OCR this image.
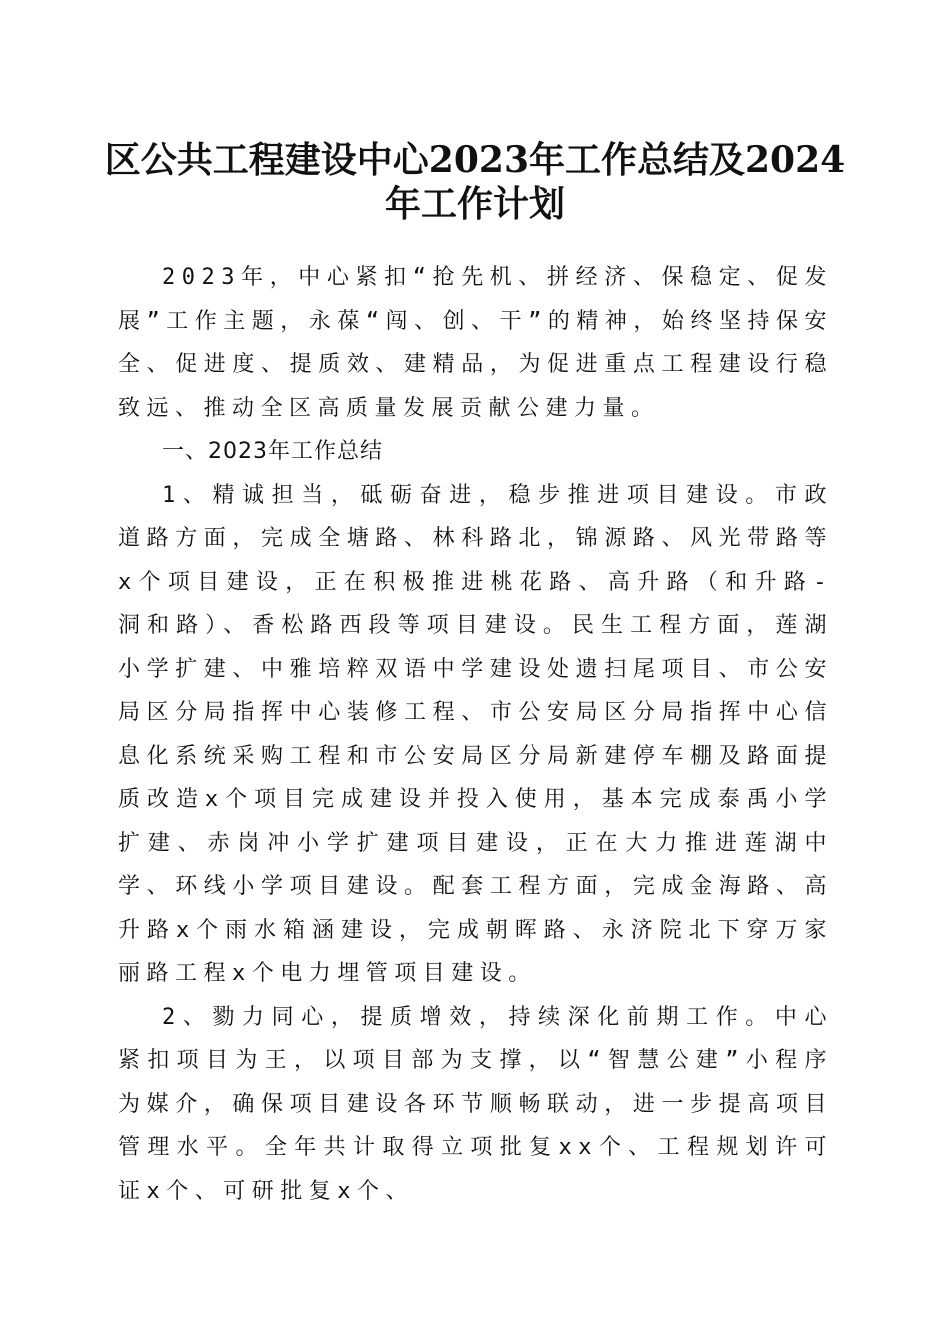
区公共工程建设中心2023年工作总结及2024
年工作计划

2023年，中心紧扣“抢先机、拼经济、保稳定、促发展”工作主题，永葆“闯、创、干”的精神，始终坚持保安全、促进度、提质效、建精品，为促进重点工程建设行稳致远、推动全区高质量发展贡献公建力量。

一、2023年工作总结

1、精诚担当，砥砺奋进，稳步推进项目建设。市政道路方面，完成全塘路、林科路北，锦源路、风光带路等x个项目建设，正在积极推进桃花路、高升路（和升路-洞和路）、香松路西段等项目建设。民生工程方面，莲湖小学扩建、中雅培粹双语中学建设处遗扫尾项目、市公安局区分局指挥中心装修工程、市公安局区分局指挥中心信息化系统采购工程和市公安局区分局新建停车棚及路面提质改造x个项目完成建设并投入使用，基本完成泰禹小学扩建、赤岗冲小学扩建项目建设，正在大力推进莲湖中学、环线小学项目建设。配套工程方面，完成金海路、高升路x个雨水箱涵建设，完成朝晖路、永济院北下穿万家丽路工程x个电力埋管项目建设。

2、勠力同心，提质增效，持续深化前期工作。中心紧扣项目为王，以项目部为支撑，以“智慧公建”小程序为媒介，确保项目建设各环节顺畅联动，进一步提高项目管理水平。全年共计取得立项批复xx个、工程规划许可证x个、可研批复x个、
